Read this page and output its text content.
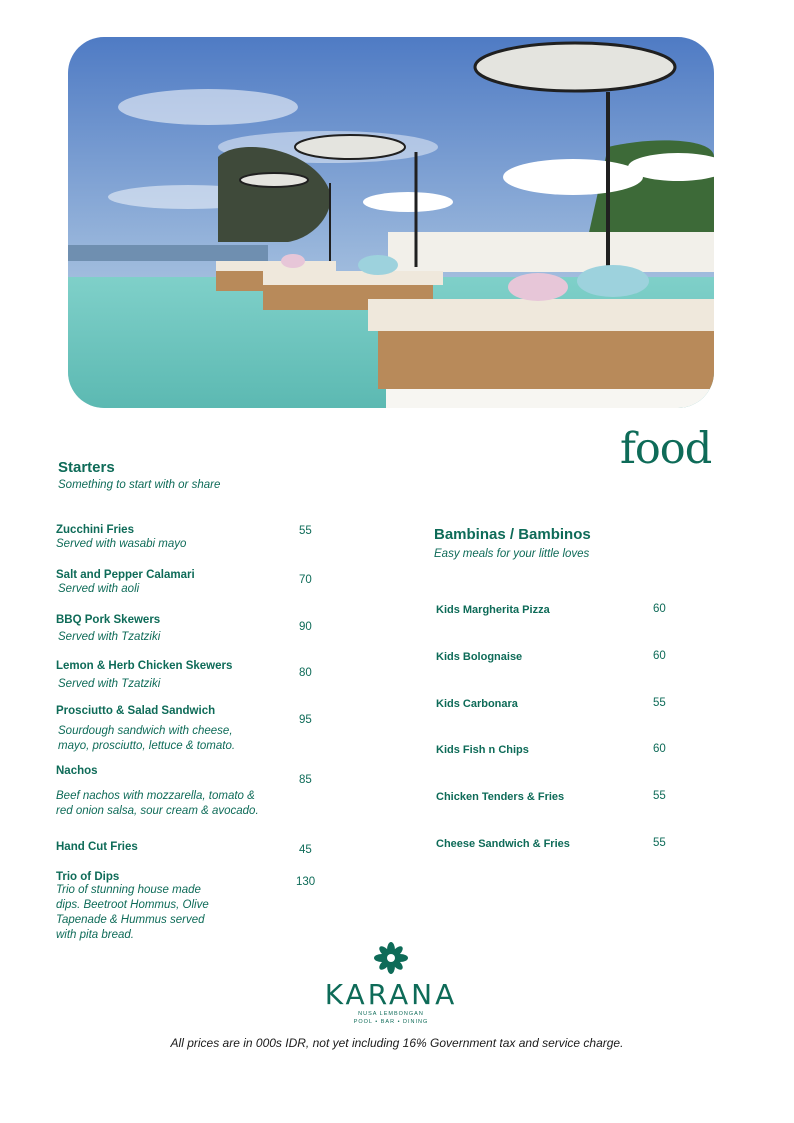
food
Starters
Something to start with or share
Zucchini Fries
Served with wasabi mayo
55
Salt and Pepper Calamari
Served with aoli
70
BBQ Pork Skewers
Served with Tzatziki
90
Lemon & Herb Chicken Skewers
Served with Tzatziki
80
Prosciutto & Salad Sandwich
Sourdough sandwich with cheese,
mayo, prosciutto, lettuce & tomato.
95
Nachos
Beef nachos with mozzarella, tomato &
red onion salsa, sour cream & avocado.
85
Hand Cut Fries	45
Trio of Dips
Trio of stunning house made
dips. Beetroot Hommus, Olive
Tapenade & Hummus served
with pita bread.
130
Bambinas / Bambinos
Easy meals for your little loves
Kids Margherita Pizza	60
Kids Bolognaise	60
Kids Carbonara	55
Kids Fish n Chips	60
Chicken Tenders & Fries	55
Cheese Sandwich & Fries	55
KARANA
NUSA LEMBONGAN
POOL • BAR • DINING
All prices are in 000s IDR, not yet including 16% Government tax and service charge.
